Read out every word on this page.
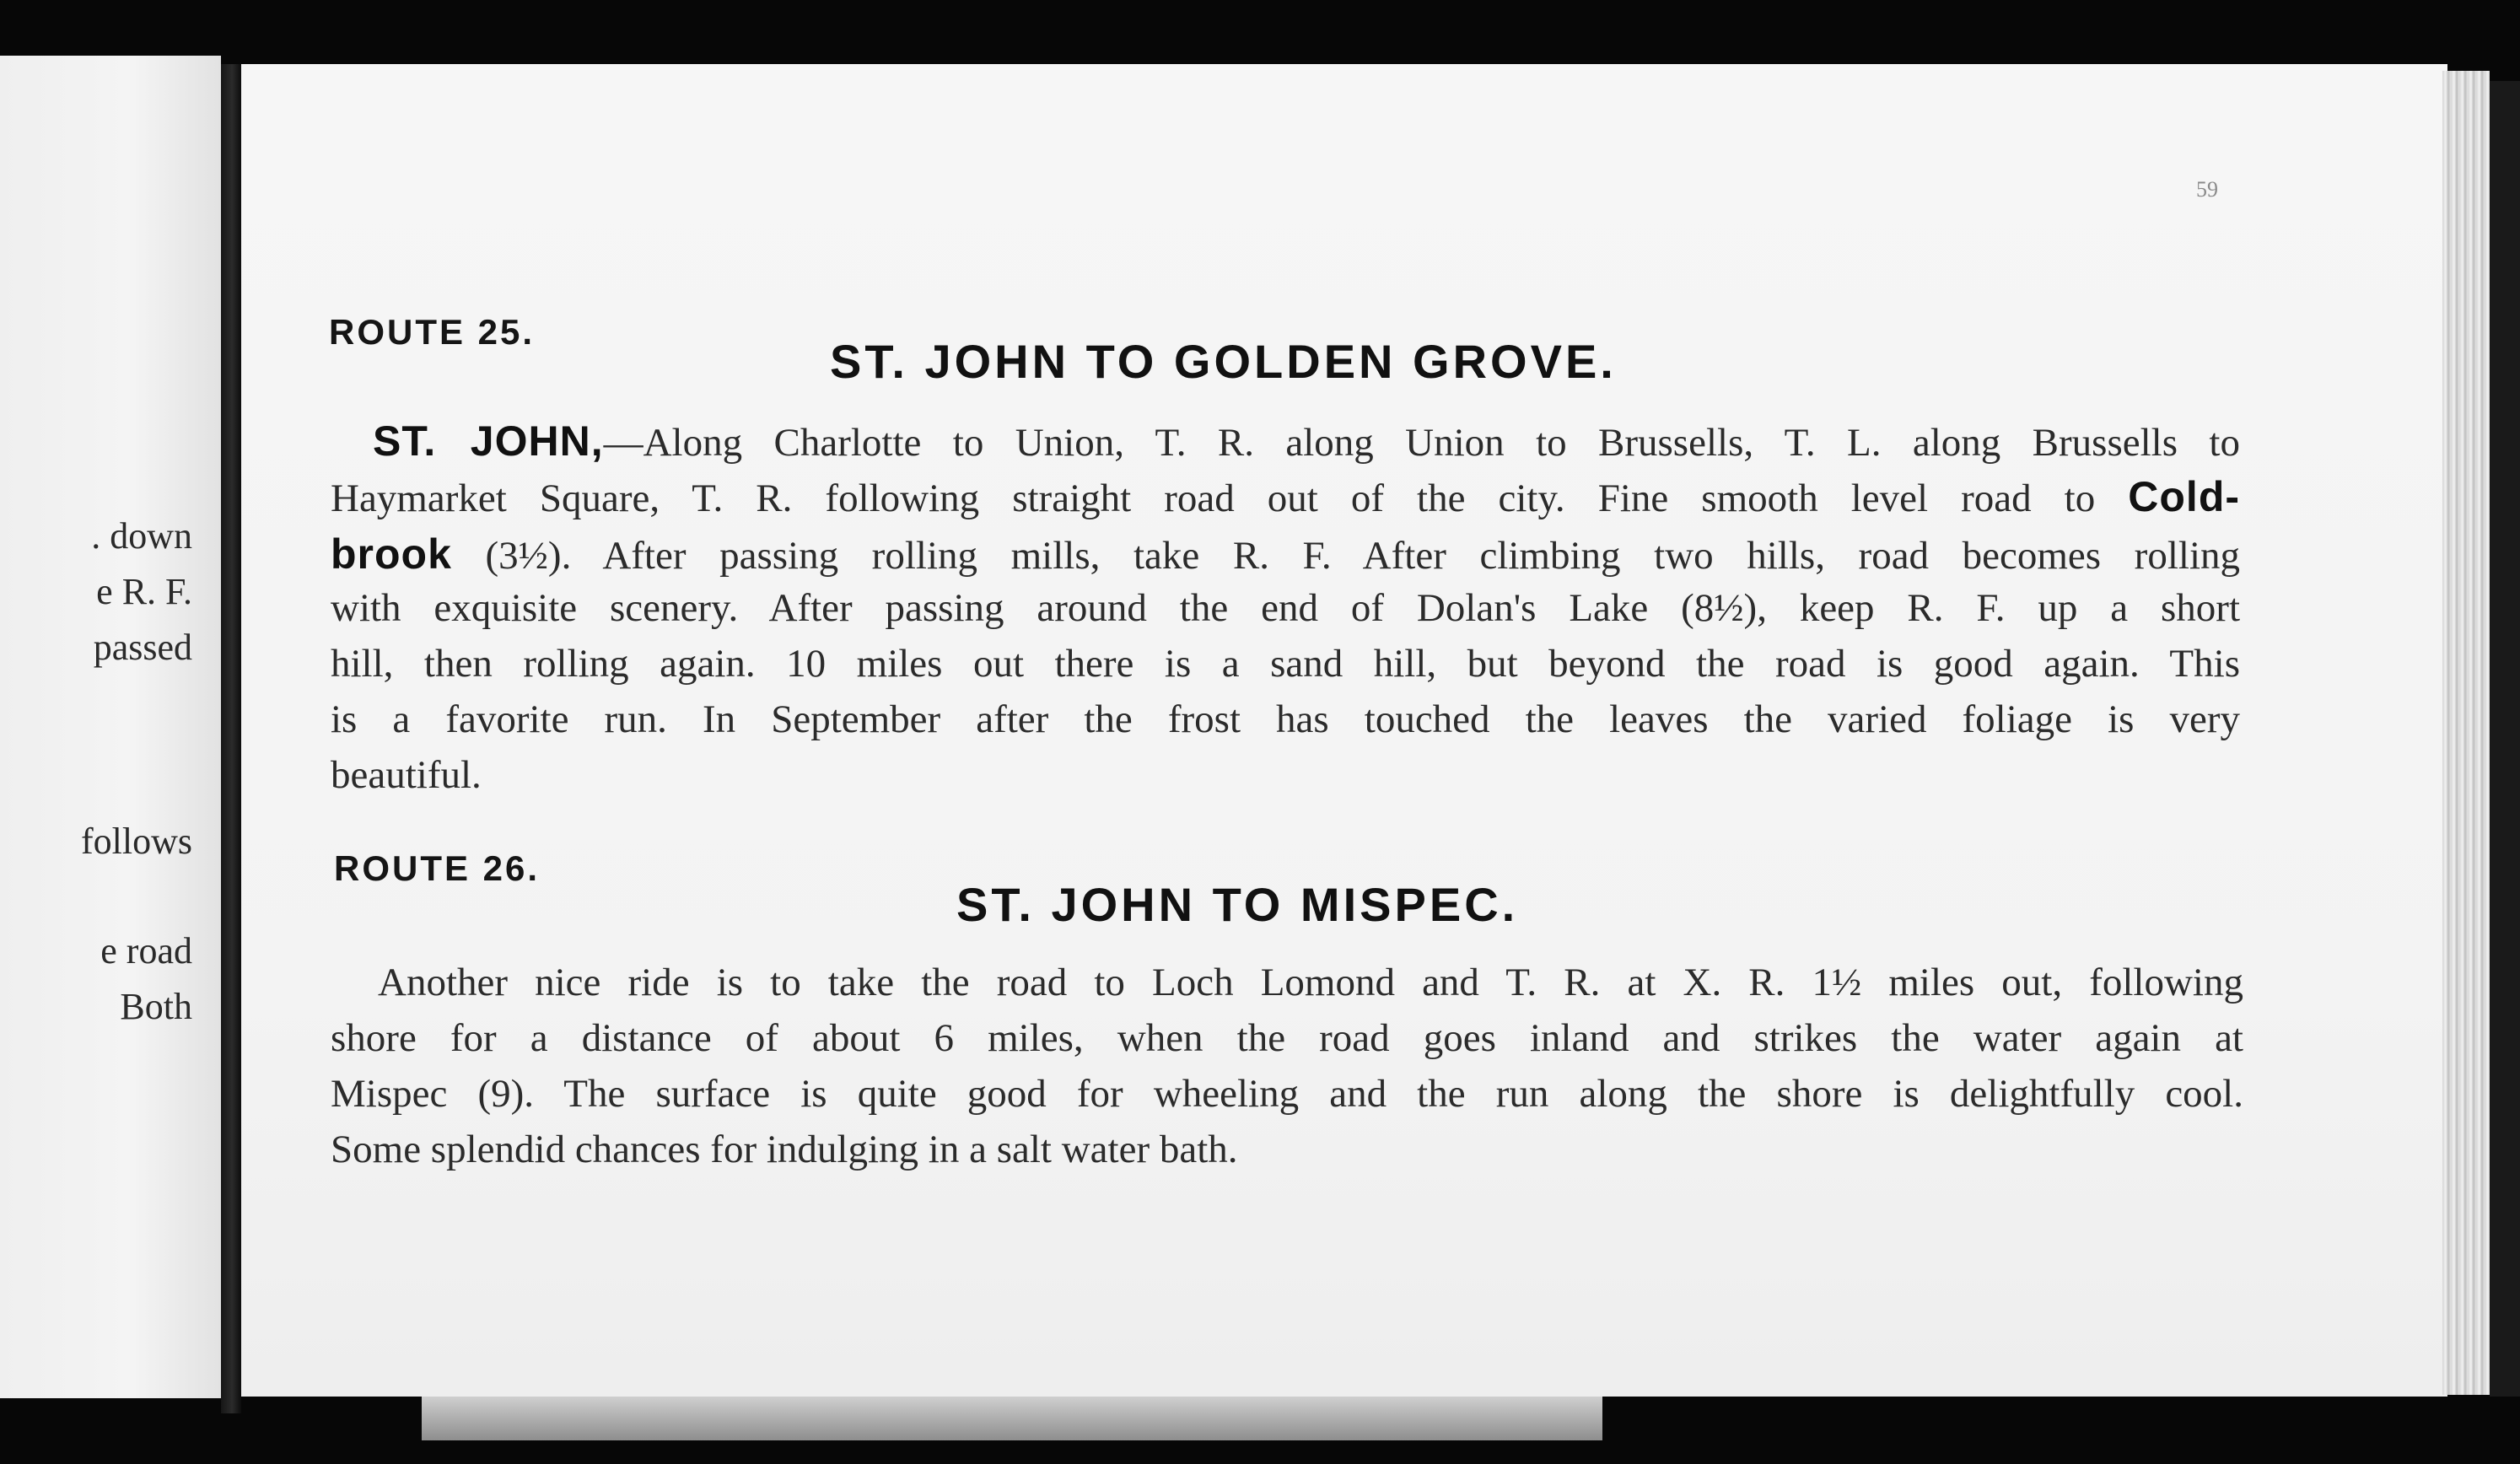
. down
e R. F.
passed
follows
e road
Both
59
ROUTE 25.
ST. JOHN TO GOLDEN GROVE.
ST. JOHN,—Along Charlotte to Union, T. R. along Union to Brussells, T. L. along Brussells to
Haymarket Square, T. R. following straight road out of the city. Fine smooth level road to Cold-
brook (3½). After passing rolling mills, take R. F. After climbing two hills, road becomes rolling
with exquisite scenery. After passing around the end of Dolan's Lake (8½), keep R. F. up a short
hill, then rolling again. 10 miles out there is a sand hill, but beyond the road is good again. This
is a favorite run. In September after the frost has touched the leaves the varied foliage is very
beautiful.
ROUTE 26.
ST. JOHN TO MISPEC.
Another nice ride is to take the road to Loch Lomond and T. R. at X. R. 1½ miles out, following
shore for a distance of about 6 miles, when the road goes inland and strikes the water again at
Mispec (9). The surface is quite good for wheeling and the run along the shore is delightfully cool.
Some splendid chances for indulging in a salt water bath.
